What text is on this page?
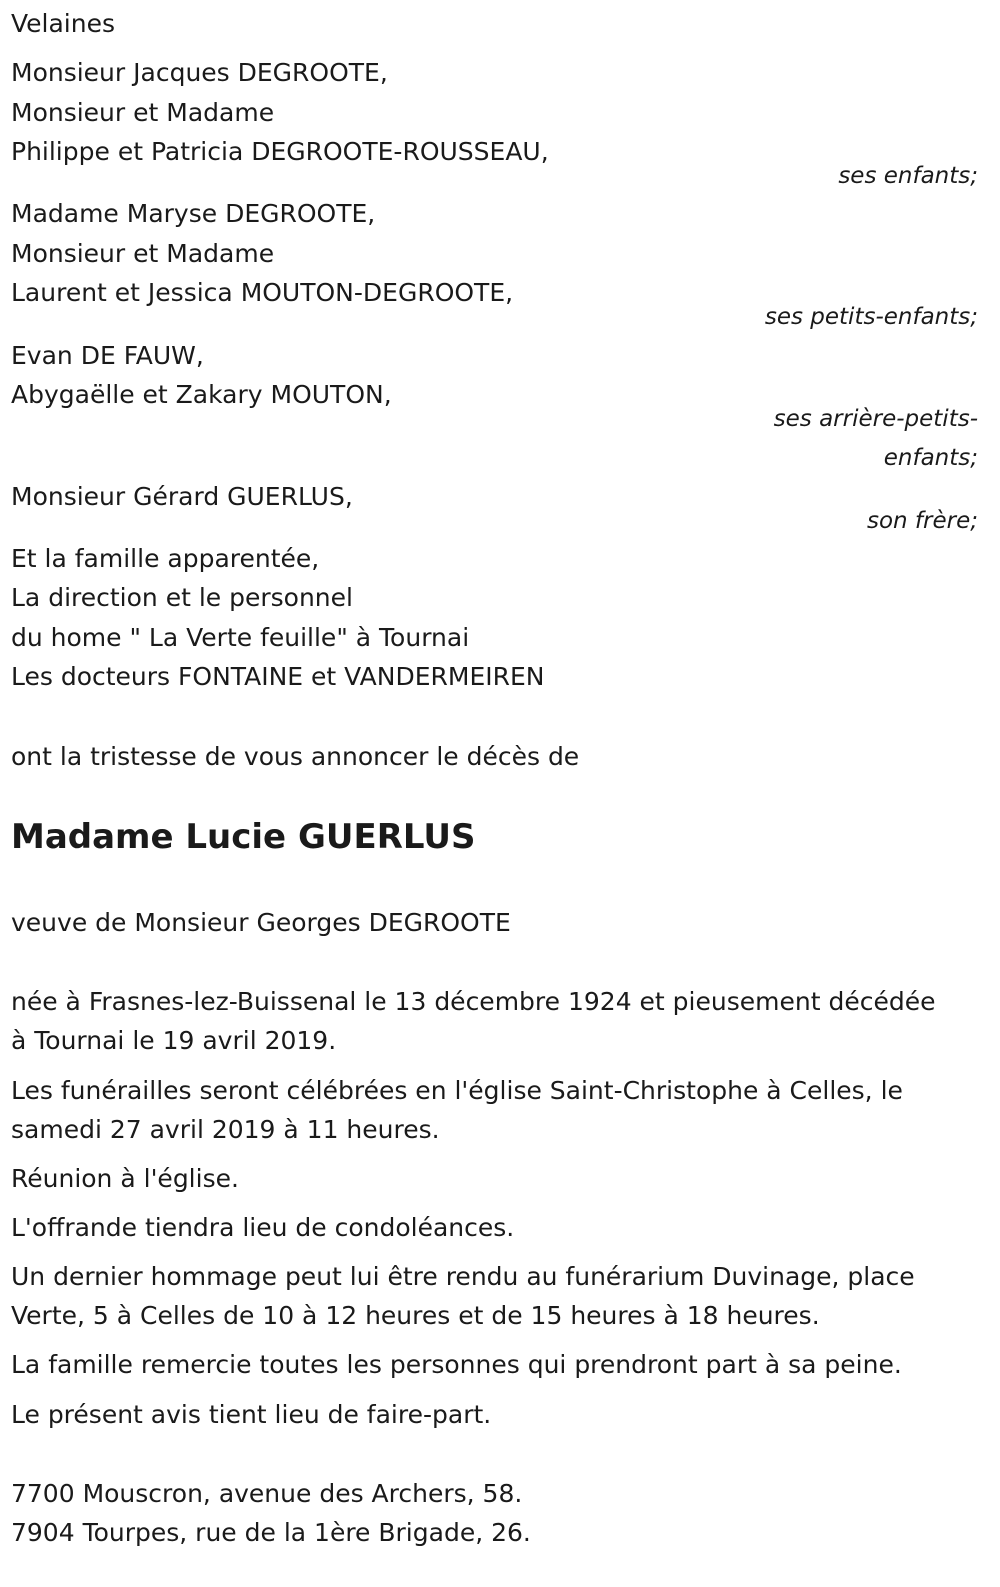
Velaines
Monsieur Jacques DEGROOTE,
Monsieur et Madame
Philippe et Patricia DEGROOTE-ROUSSEAU,
ses enfants;
Madame Maryse DEGROOTE,
Monsieur et Madame
Laurent et Jessica MOUTON-DEGROOTE,
ses petits-enfants;
Evan DE FAUW,
Abygaëlle et Zakary MOUTON,
ses arrière-petits-
enfants;
Monsieur Gérard GUERLUS,
son frère;
Et la famille apparentée,
La direction et le personnel
du home " La Verte feuille" à Tournai
Les docteurs FONTAINE et VANDERMEIREN
ont la tristesse de vous annoncer le décès de
Madame Lucie GUERLUS
veuve de Monsieur Georges DEGROOTE
née à Frasnes-lez-Buissenal le 13 décembre 1924 et pieusement décédée
à Tournai le 19 avril 2019.
Les funérailles seront célébrées en l'église Saint-Christophe à Celles, le
samedi 27 avril 2019 à 11 heures.
Réunion à l'église.
L'offrande tiendra lieu de condoléances.
Un dernier hommage peut lui être rendu au funérarium Duvinage, place
Verte, 5 à Celles de 10 à 12 heures et de 15 heures à 18 heures.
La famille remercie toutes les personnes qui prendront part à sa peine.
Le présent avis tient lieu de faire-part.
7700 Mouscron, avenue des Archers, 58.
7904 Tourpes, rue de la 1ère Brigade, 26.
